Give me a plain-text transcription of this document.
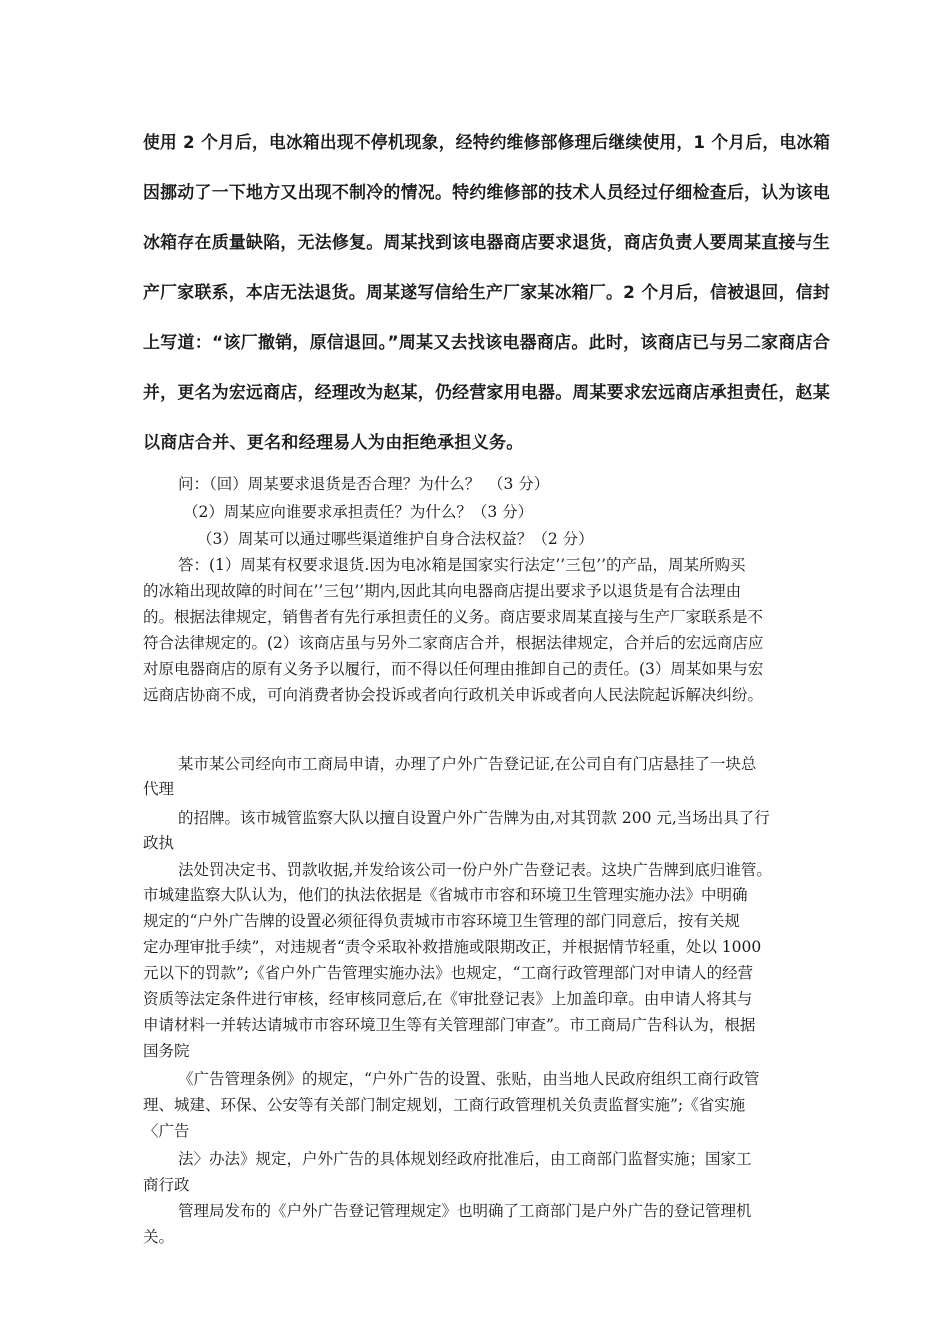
使用 2 个月后，电冰箱出现不停机现象，经特约维修部修理后继续使用，1 个月后，电冰箱
因挪动了一下地方又出现不制冷的情况。特约维修部的技术人员经过仔细检查后，认为该电
冰箱存在质量缺陷，无法修复。周某找到该电器商店要求退货，商店负责人要周某直接与生
产厂家联系，本店无法退货。周某遂写信给生产厂家某冰箱厂。2 个月后，信被退回，信封
上写道：“该厂撤销，原信退回。”周某又去找该电器商店。此时，该商店已与另二家商店合
并，更名为宏远商店，经理改为赵某，仍经营家用电器。周某要求宏远商店承担责任，赵某
以商店合并、更名和经理易人为由拒绝承担义务。
问：（回）周某要求退货是否合理？为什么？　（3 分）
（2）周某应向谁要求承担责任？为什么？（3 分）
（3）周某可以通过哪些渠道维护自身合法权益？（2 分）
答：(1）周某有权要求退货.因为电冰箱是国家实行法定’’三包’’的产品，周某所购买
的冰箱出现故障的时间在’’三包’’期内,因此其向电器商店提出要求予以退货是有合法理由
的。根据法律规定，销售者有先行承担责任的义务。商店要求周某直接与生产厂家联系是不
符合法律规定的。(2）该商店虽与另外二家商店合并，根据法律规定，合并后的宏远商店应
对原电器商店的原有义务予以履行，而不得以任何理由推卸自己的责任。(3）周某如果与宏
远商店协商不成，可向消费者协会投诉或者向行政机关申诉或者向人民法院起诉解决纠纷。
某市某公司经向市工商局申请，办理了户外广告登记证,在公司自有门店悬挂了一块总
代理
的招牌。该市城管监察大队以擅自设置户外广告牌为由,对其罚款 200 元,当场出具了行
政执
法处罚决定书、罚款收据,并发给该公司一份户外广告登记表。这块广告牌到底归谁管。
市城建监察大队认为，他们的执法依据是《省城市市容和环境卫生管理实施办法》中明确
规定的“户外广告牌的设置必须征得负责城市市容环境卫生管理的部门同意后，按有关规
定办理审批手续”，对违规者“责令采取补救措施或限期改正，并根据情节轻重，处以 1000
元以下的罚款”;《省户外广告管理实施办法》也规定，“工商行政管理部门对申请人的经营
资质等法定条件进行审核，经审核同意后,在《审批登记表》上加盖印章。由申请人将其与
申请材料一并转达请城市市容环境卫生等有关管理部门审查”。市工商局广告科认为，根据
国务院
《广告管理条例》的规定，“户外广告的设置、张贴，由当地人民政府组织工商行政管
理、城建、环保、公安等有关部门制定规划，工商行政管理机关负责监督实施”;《省实施
〈广告
法〉办法》规定，户外广告的具体规划经政府批准后，由工商部门监督实施；国家工
商行政
管理局发布的《户外广告登记管理规定》也明确了工商部门是户外广告的登记管理机
关。
